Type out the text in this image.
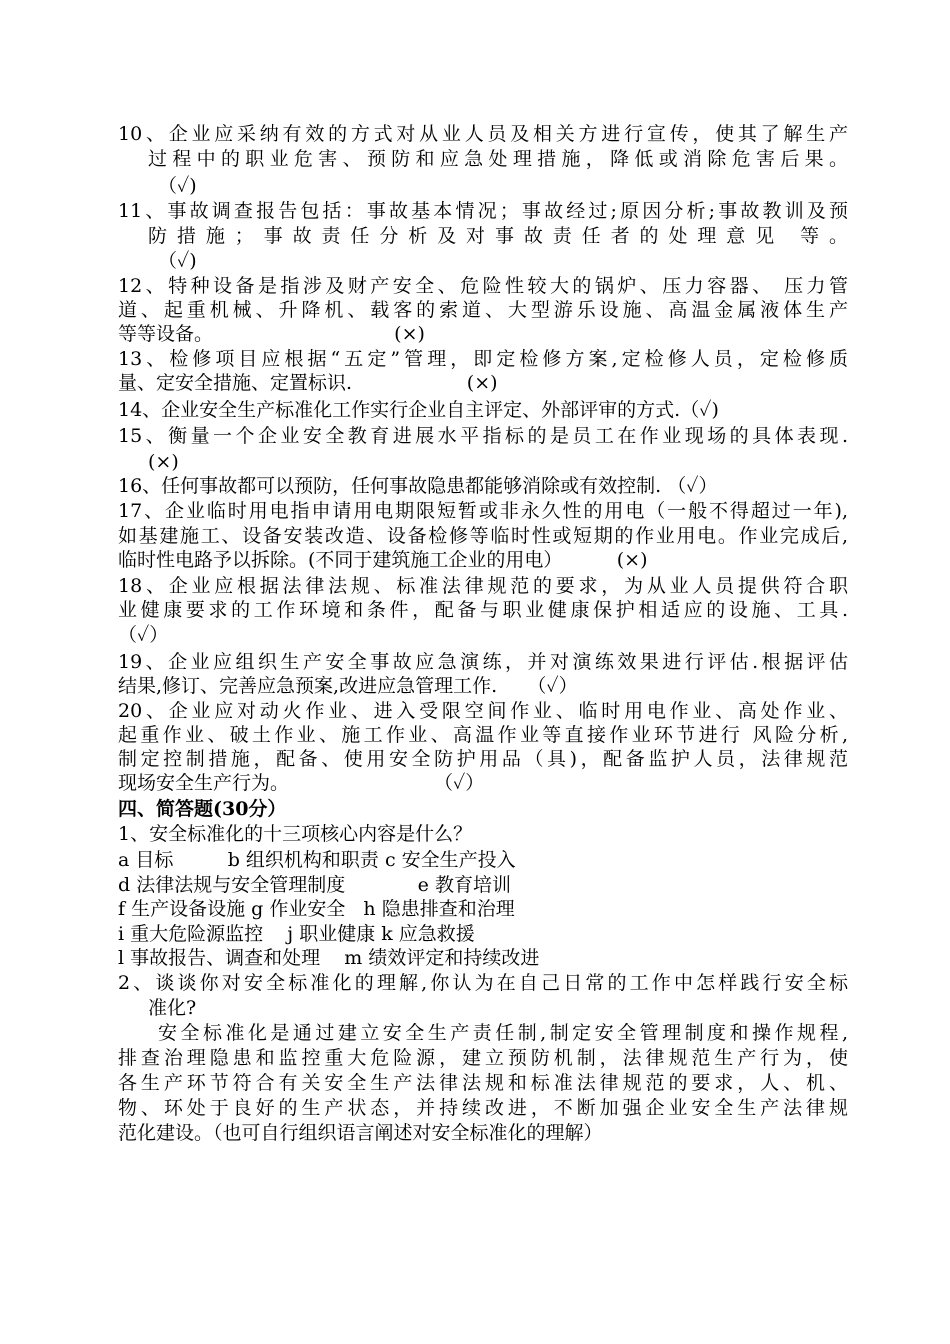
10、企业应采纳有效的方式对从业人员及相关方进行宣传，使其了解生产
过程中的职业危害、预防和应急处理措施，降低或消除危害后果。
（✓)
11、事故调查报告包括：事故基本情况；事故经过;原因分析;事故教训及预
防措施；事故责任分析及对事故责任者的处理意见 等。
（✓)
12、特种设备是指涉及财产安全、危险性较大的锅炉、压力容器、 压力管
道、起重机械、升降机、载客的索道、大型游乐设施、高温金属液体生产
等等设备。                              (×)
13、检修项目应根据“五定”管理，即定检修方案,定检修人员，定检修质
量、定安全措施、定置标识.                   (×)
14、企业安全生产标准化工作实行企业自主评定、外部评审的方式.（✓)
15、衡量一个企业安全教育进展水平指标的是员工在作业现场的具体表现.
(×)
16、任何事故都可以预防，任何事故隐患都能够消除或有效控制. （✓）
17、企业临时用电指申请用电期限短暂或非永久性的用电（一般不得超过一年),
如基建施工、设备安装改造、设备检修等临时性或短期的作业用电。作业完成后,
临时性电路予以拆除。(不同于建筑施工企业的用电）         (×)
18、企业应根据法律法规、标准法律规范的要求，为从业人员提供符合职
业健康要求的工作环境和条件，配备与职业健康保护相适应的设施、工具.
（✓）
19、企业应组织生产安全事故应急演练，并对演练效果进行评估.根据评估
结果,修订、完善应急预案,改进应急管理工作.     （✓）
20、企业应对动火作业、进入受限空间作业、临时用电作业、高处作业、
起重作业、破土作业、施工作业、高温作业等直接作业环节进行 风险分析,
制定控制措施，配备、使用安全防护用品（具)，配备监护人员，法律规范
现场安全生产行为。                        （✓）
四、简答题(30分）
1、安全标准化的十三项核心内容是什么？
a 目标         b 组织机构和职责 c 安全生产投入
d 法律法规与安全管理制度            e 教育培训
f 生产设备设施 g 作业安全   h 隐患排查和治理
i 重大危险源监控    j 职业健康 k 应急救援
l 事故报告、调查和处理    m 绩效评定和持续改进
2、谈谈你对安全标准化的理解,你认为在自己日常的工作中怎样践行安全标
准化?
安全标准化是通过建立安全生产责任制,制定安全管理制度和操作规程,
排查治理隐患和监控重大危险源，建立预防机制，法律规范生产行为，使
各生产环节符合有关安全生产法律法规和标准法律规范的要求，人、机、
物、环处于良好的生产状态，并持续改进，不断加强企业安全生产法律规
范化建设。（也可自行组织语言阐述对安全标准化的理解）
